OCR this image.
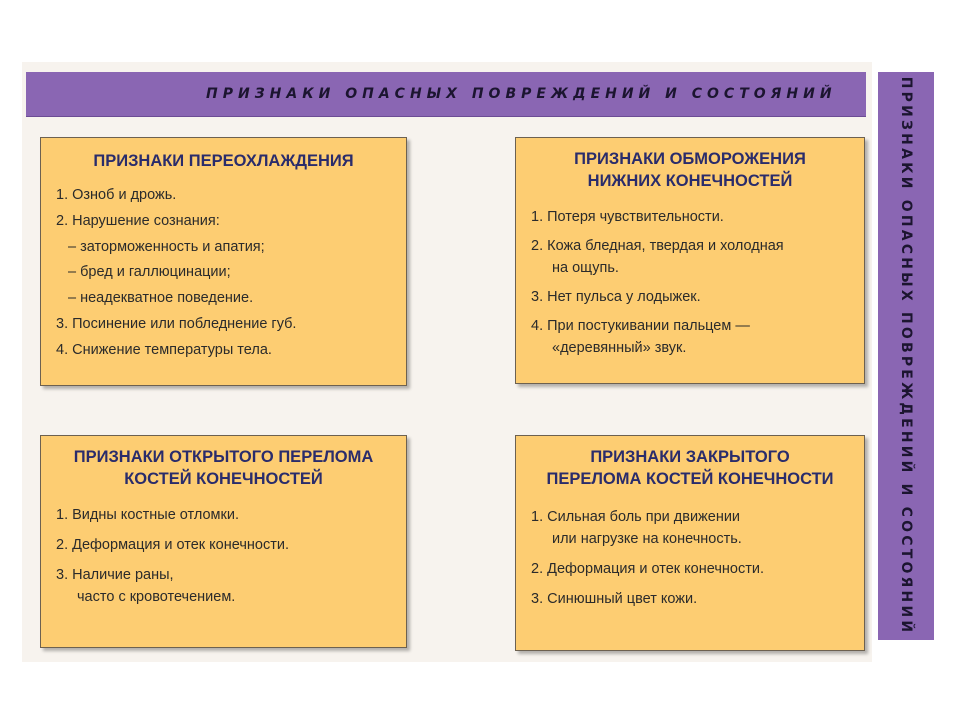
ПРИЗНАКИ ОПАСНЫХ ПОВРЕЖДЕНИЙ И СОСТОЯНИЙ	ПРИЗНАКИ ОПАСНЫХ ПОВРЕЖДЕНИЙ И СОСТОЯНИЙ
ПРИЗНАКИ ПЕРЕОХЛАЖДЕНИЯ
1. Озноб и дрожь.
2. Нарушение сознания:
– заторможенность и апатия;
– бред и галлюцинации;
– неадекватное поведение.
3. Посинение или побледнение губ.
4. Снижение температуры тела.
ПРИЗНАКИ ОБМОРОЖЕНИЯ
НИЖНИХ КОНЕЧНОСТЕЙ
1. Потеря чувствительности.
2. Кожа бледная, твердая и холодная
на ощупь.
3. Нет пульса у лодыжек.
4. При постукивании пальцем —
«деревянный» звук.
ПРИЗНАКИ ОТКРЫТОГО ПЕРЕЛОМА
КОСТЕЙ КОНЕЧНОСТЕЙ
1. Видны костные отломки.
2. Деформация и отек конечности.
3. Наличие раны,
часто с кровотечением.
ПРИЗНАКИ ЗАКРЫТОГО
ПЕРЕЛОМА КОСТЕЙ КОНЕЧНОСТИ
1. Сильная боль при движении
или нагрузке на конечность.
2. Деформация и отек конечности.
3. Синюшный цвет кожи.
